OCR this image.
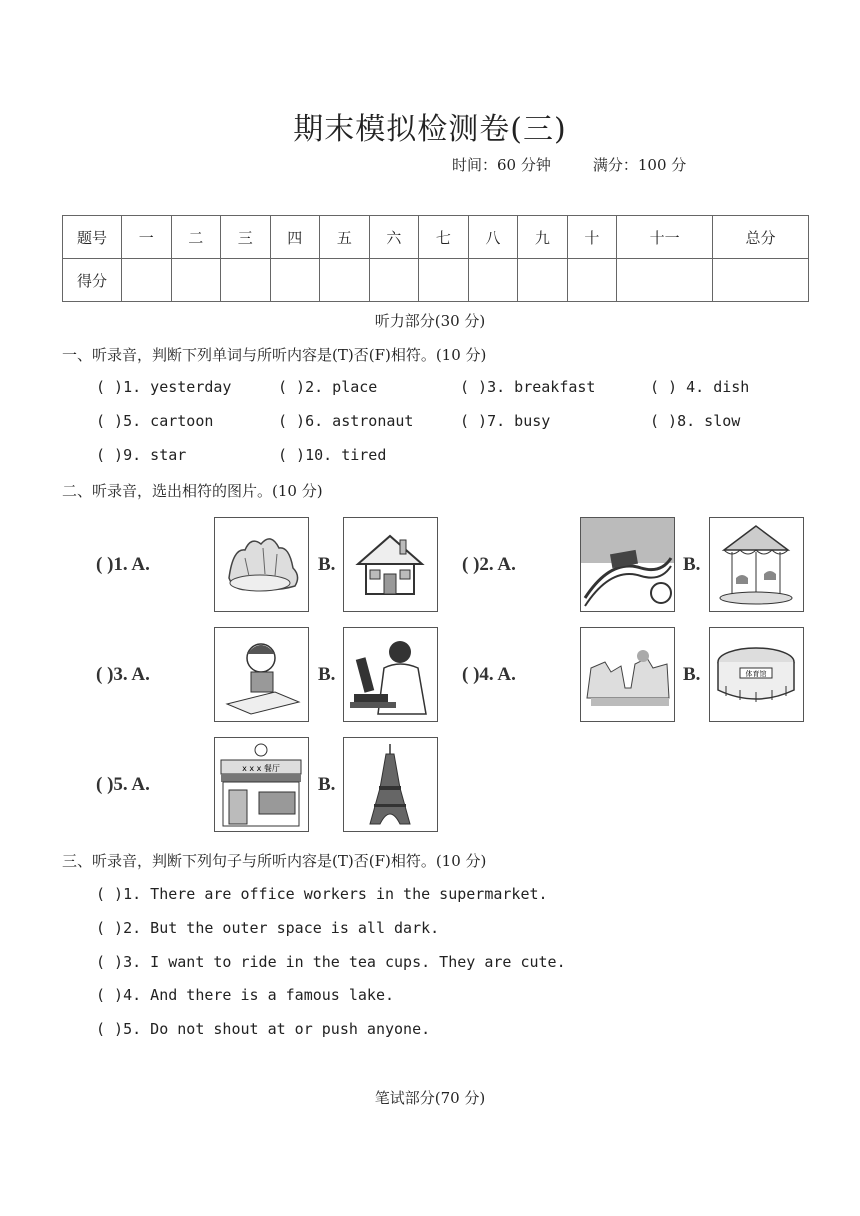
期末模拟检测卷(三)
时间：60 分钟	满分：100 分
题号	一	二	三	四	五	六	七	八	九	十	十一	总分
得分												
听力部分(30 分)
一、听录音，判断下列单词与所听内容是(T)否(F)相符。(10 分)
( )1. yesterday	( )2. place	( )3. breakfast	( ) 4. dish
( )5. cartoon	( )6. astronaut	( )7. busy	( )8. slow
( )9. star	( )10. tired
二、听录音，选出相符的图片。(10 分)
( )1. A.	B.	( )2. A.	B.
( )3. A.	B.	( )4. A.	B.	体育馆
( )5. A.
x x x 餐厅
B.
三、听录音，判断下列句子与所听内容是(T)否(F)相符。(10 分)
( )1. There are office workers in the supermarket.
( )2. But the outer space is all dark.
( )3. I want to ride in the tea cups. They are cute.
( )4. And there is a famous lake.
( )5. Do not shout at or push anyone.
笔试部分(70 分)
